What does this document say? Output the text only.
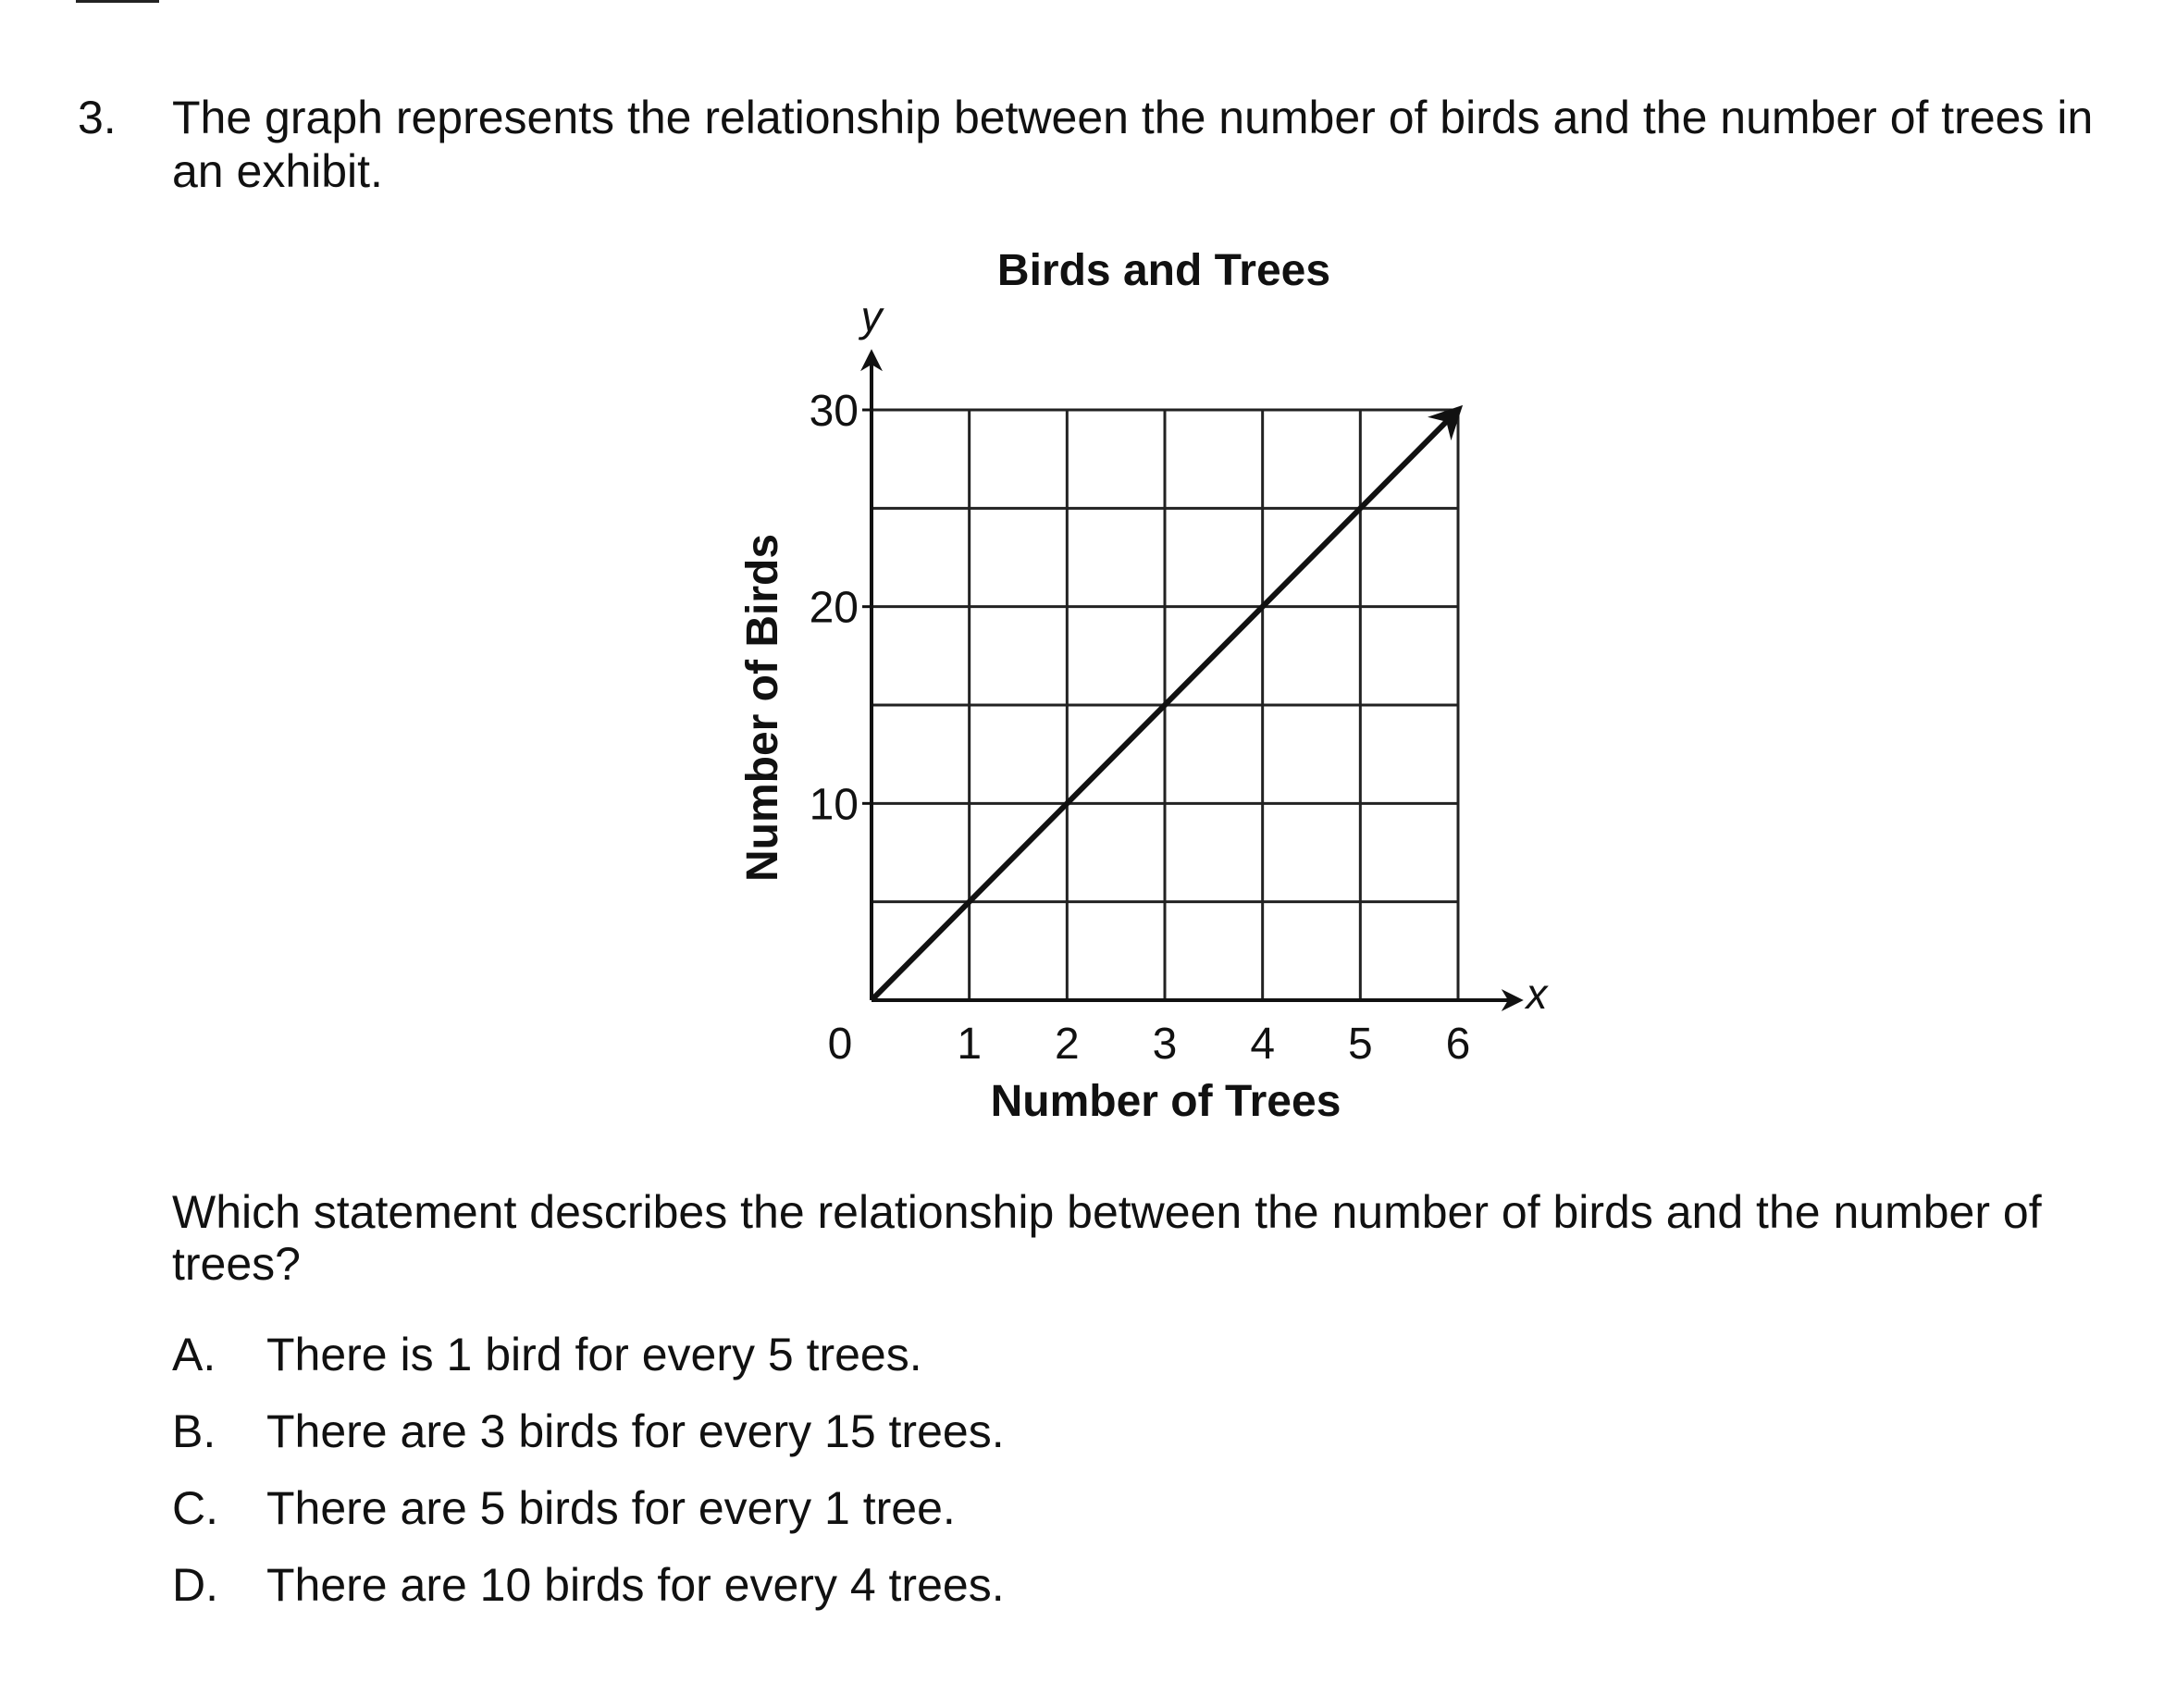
3. The graph represents the relationship between the number of birds and the number of trees in an exhibit.
y
x
10
20
30
1 2 3 4 5 6
0
Birds and Trees
Number of Trees
Number of Birds
Which statement describes the relationship between the number of birds and the number of trees?
A. There is 1 bird for every 5 trees.
B. There are 3 birds for every 15 trees.
C. There are 5 birds for every 1 tree.
D. There are 10 birds for every 4 trees.
